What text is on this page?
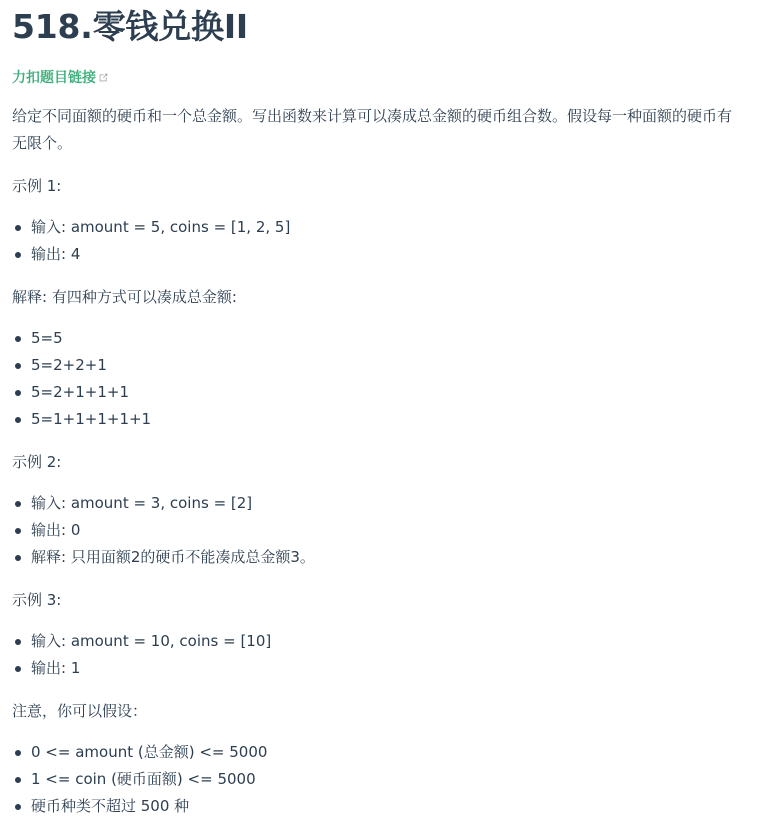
518.零钱兑换II
力扣题目链接

给定不同面额的硬币和一个总金额。写出函数来计算可以凑成总金额的硬币组合数。假设每一种面额的硬币有无限个。

示例 1:

输入: amount = 5, coins = [1, 2, 5]
输出: 4

解释: 有四种方式可以凑成总金额:

5=5
5=2+2+1
5=2+1+1+1
5=1+1+1+1+1

示例 2:

输入: amount = 3, coins = [2]
输出: 0
解释: 只用面额2的硬币不能凑成总金额3。

示例 3:

输入: amount = 10, coins = [10]
输出: 1

注意，你可以假设：

0 <= amount (总金额) <= 5000
1 <= coin (硬币面额) <= 5000
硬币种类不超过 500 种
